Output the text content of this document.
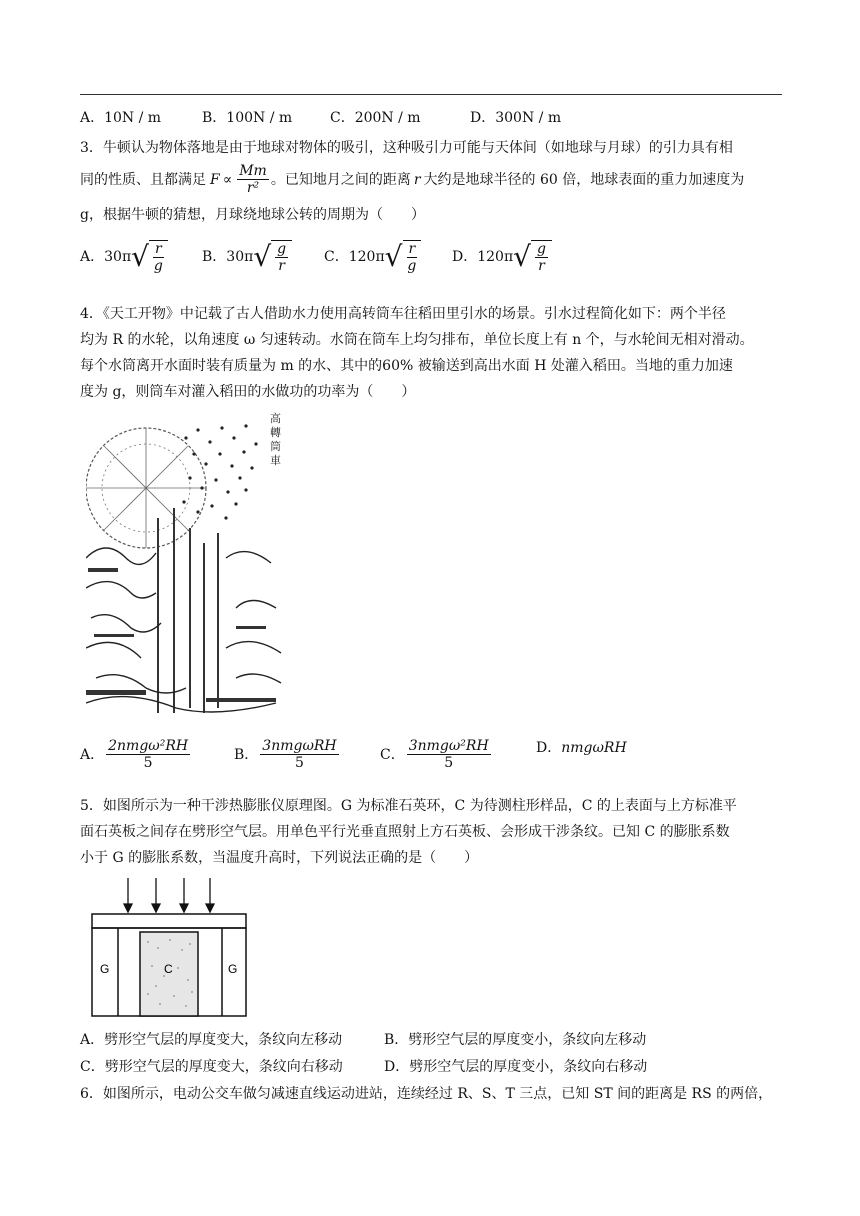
A．10N / m	B．100N / m	C．200N / m	D．300N / m
3．牛顿认为物体落地是由于地球对物体的吸引，这种吸引力可能与天体间（如地球与月球）的引力具有相
同的性质、且都满足 $F \propto \frac{Mm}{\text{r²}}$ 。已知地月之间的距离 r 大约是地球半径的 60 倍，地球表面的重力加速度为
g，根据牛顿的猜想，月球绕地球公转的周期为（　　）
A． 30π √ $\frac{r}{g}$	B． 30π √ $\frac{g}{r}$	C． 120π √ $\frac{r}{g}$ D． 120π √ $\frac{g}{r}$
4．《天工开物》中记载了古人借助水力使用高转筒车往稻田里引水的场景。引水过程简化如下：两个半径
均为 R 的水轮，以角速度 ω 匀速转动。水筒在筒车上均匀排布，单位长度上有 n 个，与水轮间无相对滑动。
每个水筒离开水面时装有质量为 m 的水、其中的60% 被输送到高出水面 H 处灌入稻田。当地的重力加速
度为 g，则筒车对灌入稻田的水做功的功率为（　　）
高
轉
筒
車
A． $\frac{\text{2nmgω²RH}}{5}$	B． $\frac{\text{3nmgωRH}}{5}$	C． $\frac{\text{3nmgω²RH}}{5}$	D． nmgωRH
5．如图所示为一种干涉热膨胀仪原理图。G 为标准石英环，C 为待测柱形样品，C 的上表面与上方标准平
面石英板之间存在劈形空气层。用单色平行光垂直照射上方石英板、会形成干涉条纹。已知 C 的膨胀系数
小于 G 的膨胀系数，当温度升高时，下列说法正确的是（　　）
G	C	G
A．劈形空气层的厚度变大，条纹向左移动	B．劈形空气层的厚度变小，条纹向左移动
C．劈形空气层的厚度变大，条纹向右移动	D．劈形空气层的厚度变小，条纹向右移动
6．如图所示，电动公交车做匀减速直线运动进站，连续经过 R、S、T 三点，已知 ST 间的距离是 RS 的两倍，
